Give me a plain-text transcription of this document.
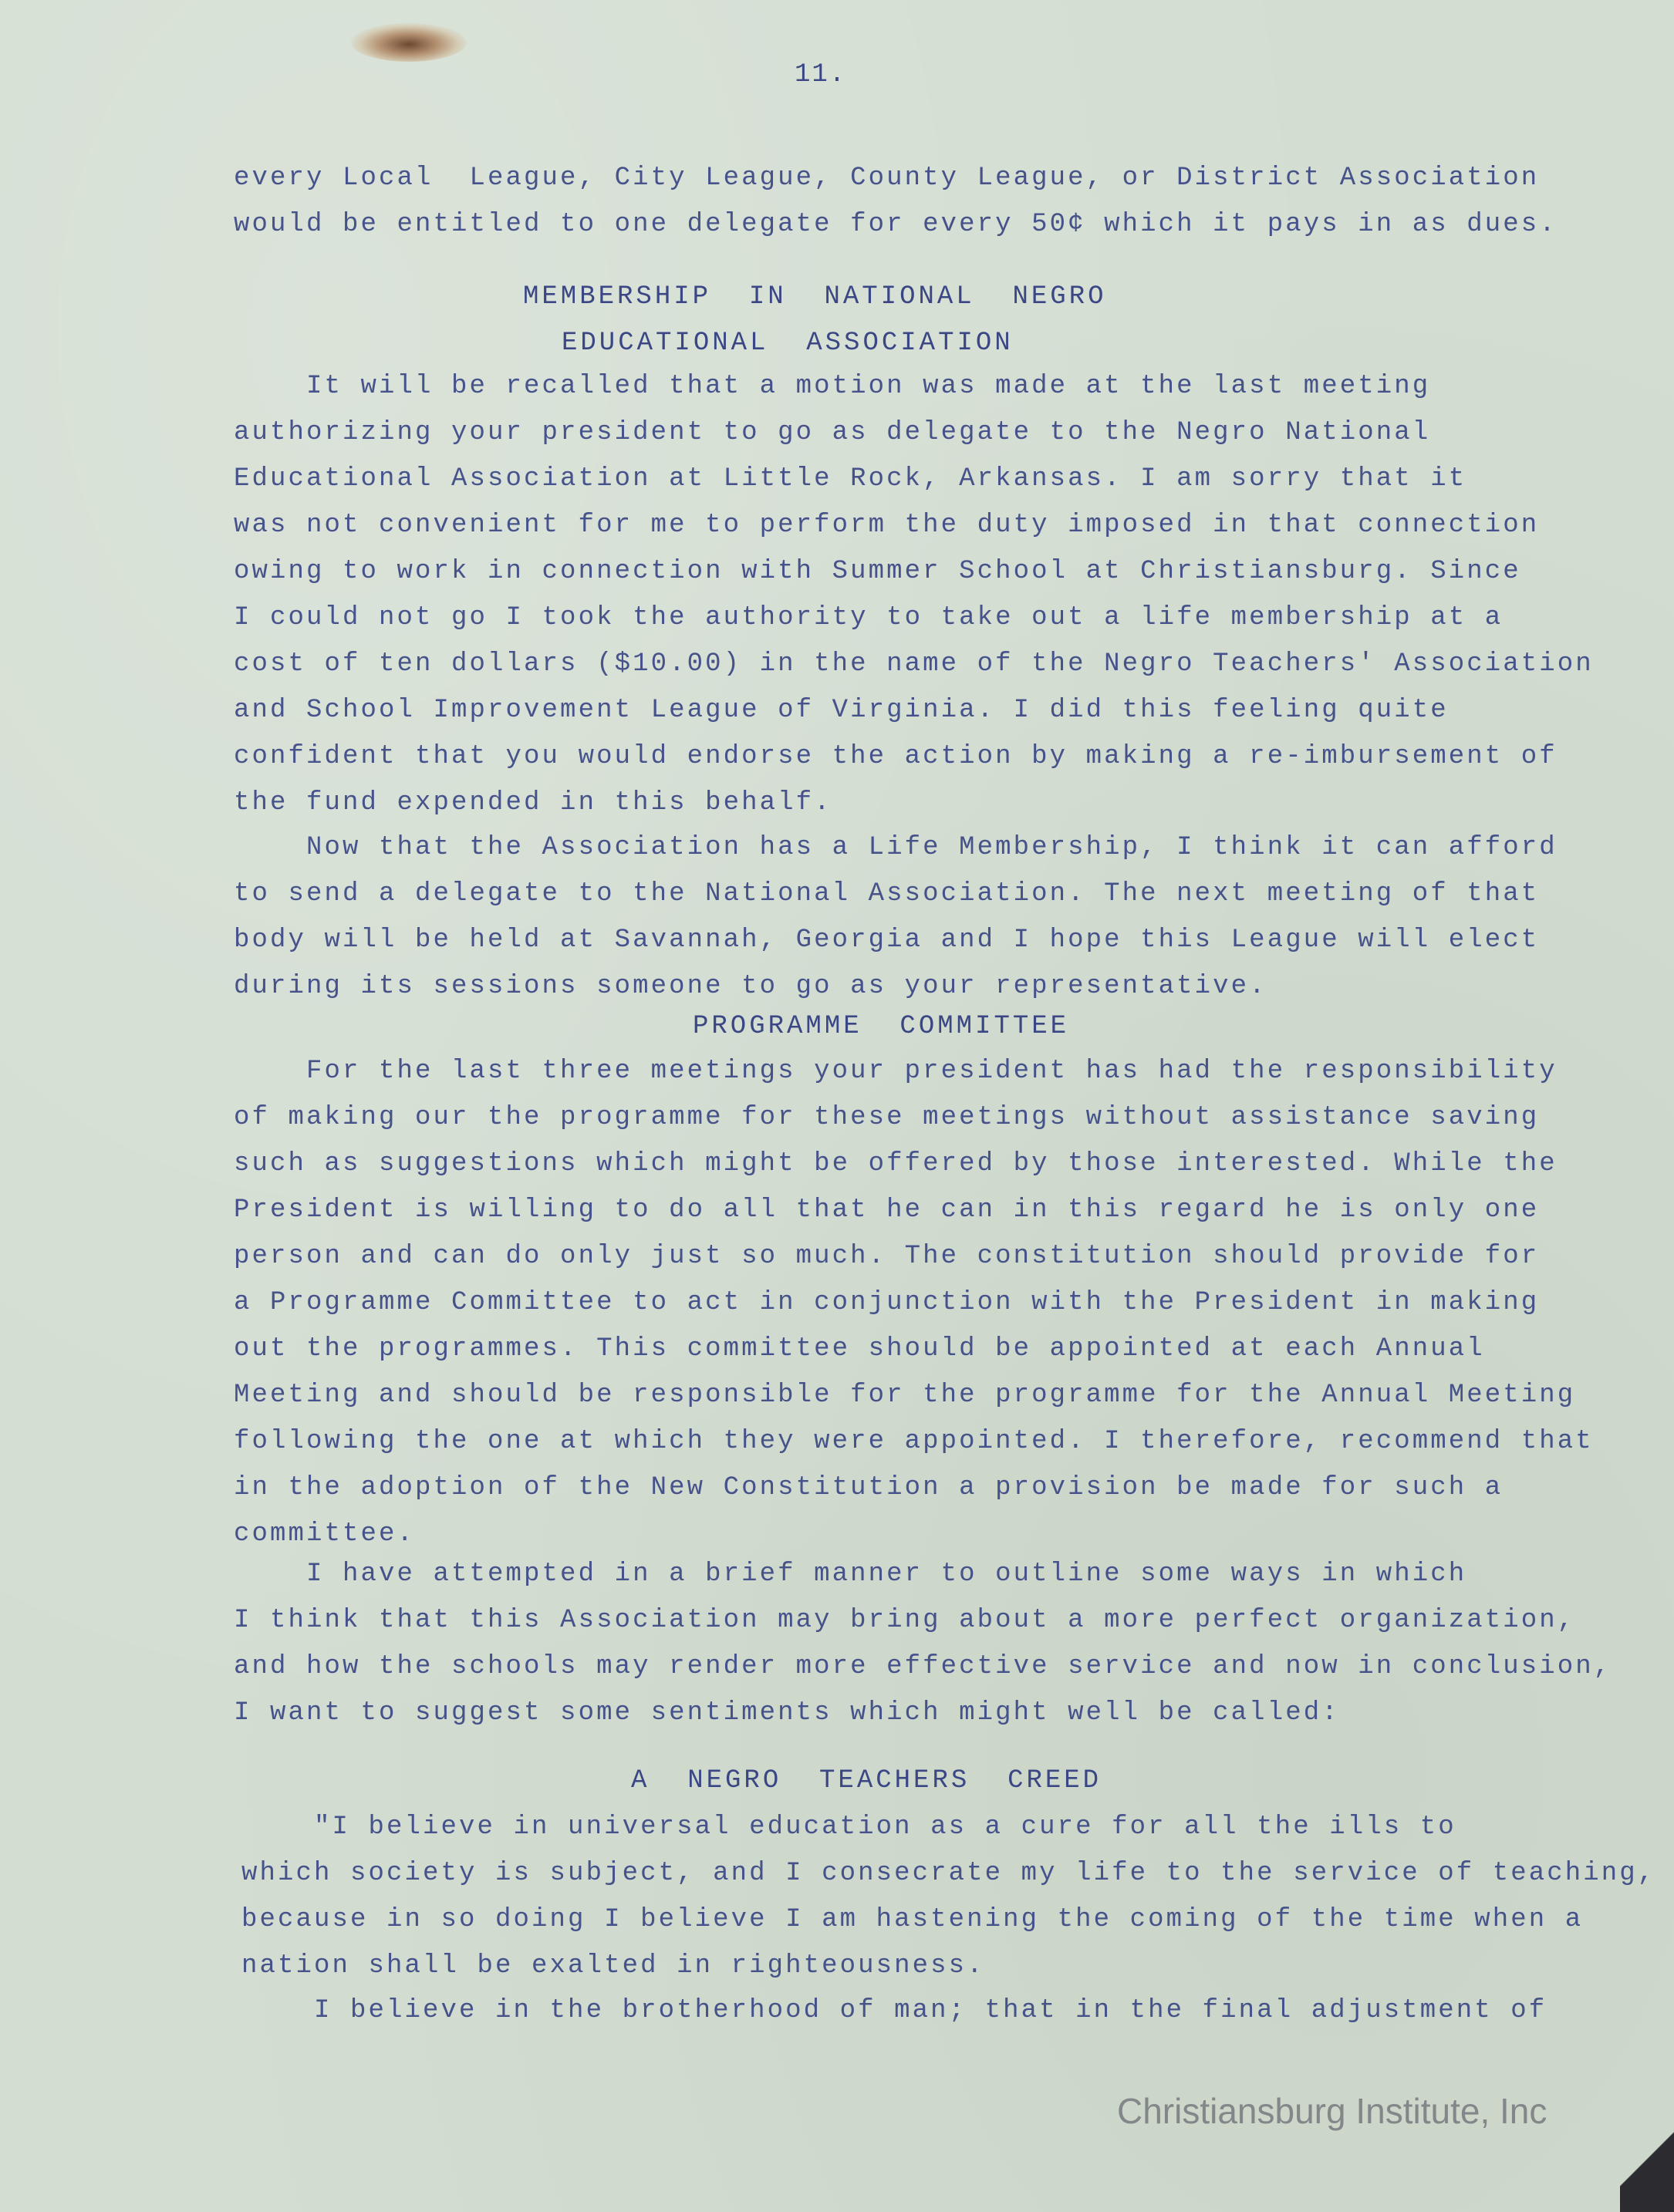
11.
every Local  League, City League, County League, or District Association
would be entitled to one delegate for every 50¢ which it pays in as dues.
MEMBERSHIP  IN  NATIONAL  NEGRO
EDUCATIONAL  ASSOCIATION
It will be recalled that a motion was made at the last meeting
authorizing your president to go as delegate to the Negro National
Educational Association at Little Rock, Arkansas. I am sorry that it
was not convenient for me to perform the duty imposed in that connection
owing to work in connection with Summer School at Christiansburg. Since
I could not go I took the authority to take out a life membership at a
cost of ten dollars ($10.00) in the name of the Negro Teachers' Association
and School Improvement League of Virginia. I did this feeling quite
confident that you would endorse the action by making a re-imbursement of
the fund expended in this behalf.
Now that the Association has a Life Membership, I think it can afford
to send a delegate to the National Association. The next meeting of that
body will be held at Savannah, Georgia and I hope this League will elect
during its sessions someone to go as your representative.
PROGRAMME  COMMITTEE
For the last three meetings your president has had the responsibility
of making our the programme for these meetings without assistance saving
such as suggestions which might be offered by those interested. While the
President is willing to do all that he can in this regard he is only one
person and can do only just so much. The constitution should provide for
a Programme Committee to act in conjunction with the President in making
out the programmes. This committee should be appointed at each Annual
Meeting and should be responsible for the programme for the Annual Meeting
following the one at which they were appointed. I therefore, recommend that
in the adoption of the New Constitution a provision be made for such a
committee.
I have attempted in a brief manner to outline some ways in which
I think that this Association may bring about a more perfect organization,
and how the schools may render more effective service and now in conclusion,
I want to suggest some sentiments which might well be called:
A  NEGRO  TEACHERS  CREED
"I believe in universal education as a cure for all the ills to
which society is subject, and I consecrate my life to the service of teaching,
because in so doing I believe I am hastening the coming of the time when a
nation shall be exalted in righteousness.
I believe in the brotherhood of man; that in the final adjustment of
Christiansburg Institute, Inc
